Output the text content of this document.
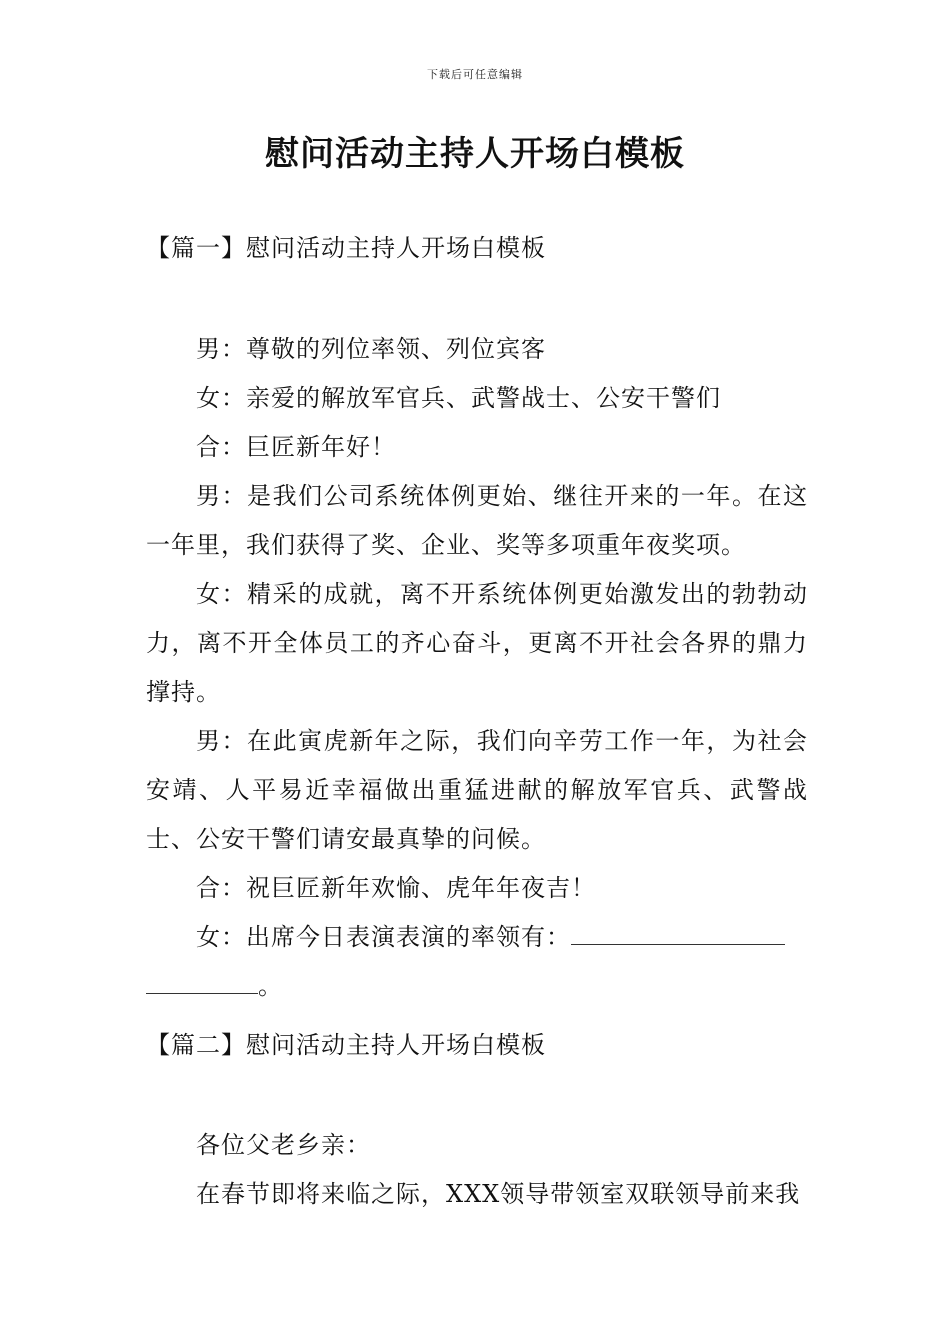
下载后可任意编辑
慰问活动主持人开场白模板
【篇一】慰问活动主持人开场白模板

男：尊敬的列位率领、列位宾客

女：亲爱的解放军官兵、武警战士、公安干警们

合：巨匠新年好！

男：是我们公司系统体例更始、继往开来的一年。在这一年里，我们获得了奖、企业、奖等多项重年夜奖项。

女：精采的成就，离不开系统体例更始激发出的勃勃动力，离不开全体员工的齐心奋斗，更离不开社会各界的鼎力撑持。

男：在此寅虎新年之际，我们向辛劳工作一年，为社会安靖、人平易近幸福做出重猛进献的解放军官兵、武警战士、公安干警们请安最真挚的问候。

合：祝巨匠新年欢愉、虎年年夜吉！

女：出席今日表演表演的率领有：

。

【篇二】慰问活动主持人开场白模板

各位父老乡亲：

在春节即将来临之际，XXX领导带领室双联领导前来我
